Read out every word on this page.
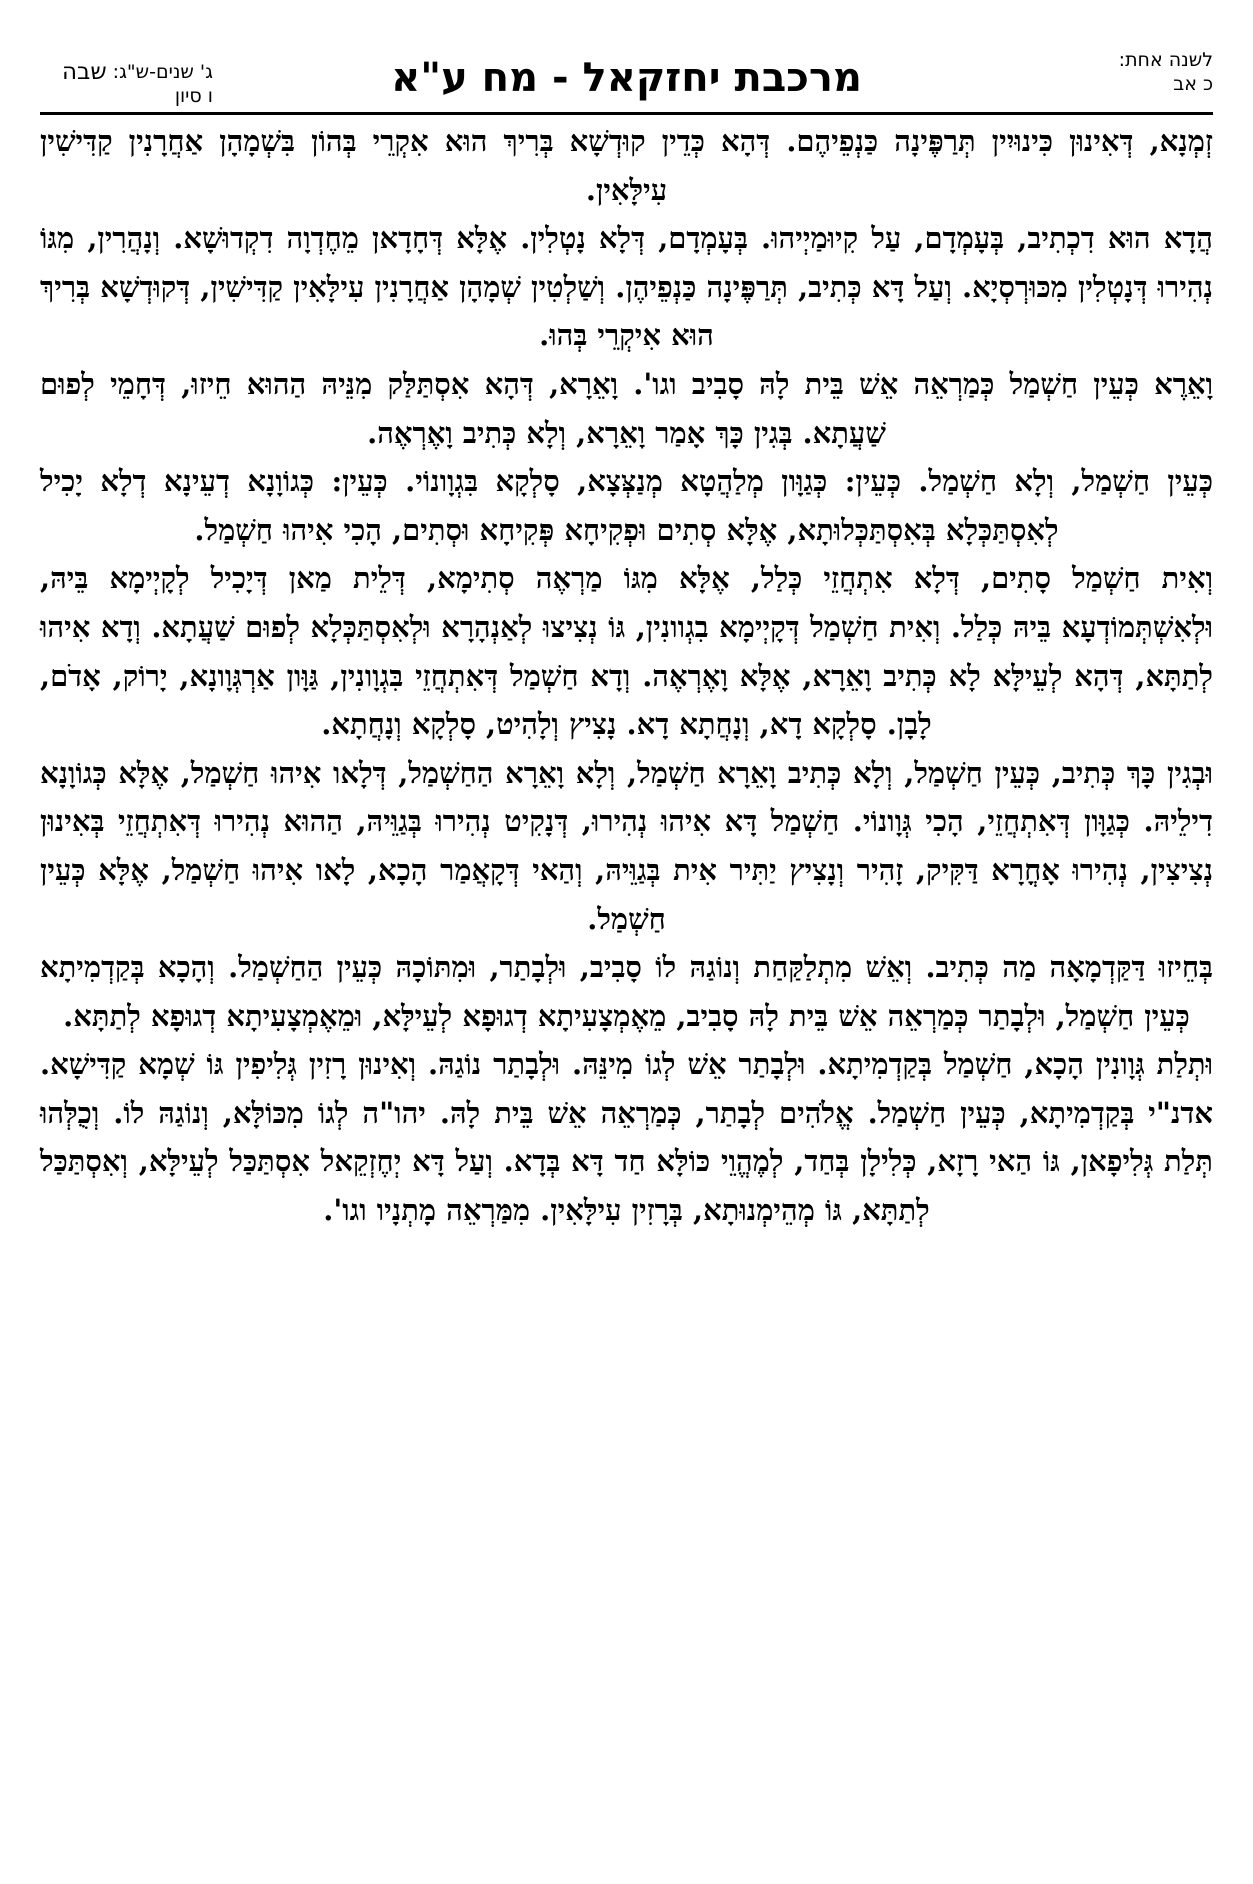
לשנה אחת:
כ אב
מרכבת יחזקאל - מח ע"א
ג' שנים-ש"ג:
ו סיון
שבה

זְמְנָא, דְּאִינוּן כִּינוּיִין תְּרַפֶּינָה כַּנְפֵיהֶם. דְּהָא כְּדֵין קוּדְשָׁא בְּרִיךְ הוּא אִקְרֵי בְּהוֹן בִּשְׁמָהָן אַחֲרָנִין קַדִּישִׁין עִילָּאִין.

הֲדָא הוּא דִכְתִיב, בְּעָמְדָם, עַל קִיוּמַיְיהוּ. בְּעָמְדָם, דְּלָא נָטְלִין. אֶלָּא דְּחָדָאן מֵחֶדְוָה דִקְדוּשָׁא. וְנָהֲרִין, מִגּוֹ נְהִירוּ דְּנָטְלִין מִכּוּרְסְיָא. וְעַל דָּא כְּתִיב, תְּרַפֶּינָה כַּנְפֵיהֶן. וְשַׁלְטִין שְׁמָהָן אַחֲרָנִין עִילָּאִין קַדִּישִׁין, דְּקוּדְשָׁא בְּרִיךְ הוּא אִיקְרֵי בְּהוּ.

וָאֵרֶא כְּעֵין חַשְׁמַל כְּמַרְאֵה אֵשׁ בֵּית לָהּ סָבִיב וגו'. וָאֵרָא, דְּהָא אִסְתַּלַּק מִנֵּיהּ הַהוּא חֵיזוּ, דְּחָמֵי לְפוּם שַׁעֲתָא. בְּגִין כָּךְ אָמַר וָאֵרָא, וְלָא כְּתִיב וָאֶרְאֶה.

כְּעֵין חַשְׁמַל, וְלָא חַשְׁמַל. כְּעֵין: כְּגַוָּון מְלַהֲטָא מְנַצְּצָא, סָלְקָא בִּגְוָונוֹי. כְּעֵין: כְּגוֹוָנָא דְעֵינָא דְלָא יָכִיל לְאִסְתַּכְּלָא בְּאִסְתַּכְּלוּתָא, אֶלָּא סְתִים וּפְקִיחָא פְּקִיחָא וּסְתִים, הָכִי אִיהוּ חַשְׁמַל.

וְאִית חַשְׁמַל סָתִים, דְּלָא אִתְחֲזֵי כְּלַל, אֶלָּא מִגּוֹ מַרְאֶה סְתִימָא, דְּלֵית מַאן דְּיָכִיל לְקָיְימָא בֵּיהּ, וּלְאִשְׁתְּמוֹדְעָא בֵּיהּ כְּלַל. וְאִית חַשְׁמַל דְּקָיְימָא בִגְוונִין, גּוֹ נְצִיצוּ לְאַנְהָרָא וּלְאִסְתַּכְּלָא לְפוּם שַׁעֲתָא. וְדָא אִיהוּ לְתַתָּא, דְּהָא לְעֵילָּא לָא כְּתִיב וָאֵרָא, אֶלָּא וָאֶרְאֶה. וְדָא חַשְׁמַל דְּאִתְחֲזֵי בִּגְוָונִין, גַּוָּון אַרְגְּוָונָא, יָרוֹק, אָדֹם, לָבָן. סָלְקָא דָא, וְנָחֲתָא דָא. נָצִיץ וְלָהִיט, סָלְקָא וְנָחֲתָא.

וּבְגִין כָּךְ כְּתִיב, כְּעֵין חַשְׁמַל, וְלָא כְּתִיב וָאֵרָא חַשְׁמַל, וְלָא וָאֵרָא הַחַשְׁמַל, דְּלָאו אִיהוּ חַשְׁמַל, אֶלָּא כְּגוֹוָנָא דִילֵיהּ. כְּגַוָּון דְּאִתְחֲזֵי, הָכִי גְּוָונוֹי. חַשְׁמַל דָּא אִיהוּ נְהִירוּ, דְּנָקִיט נְהִירוּ בְּגַוֵּיהּ, הַהוּא נְהִירוּ דְּאִתְחֲזֵי בְּאִינוּן נְצִיצִין, נְהִירוּ אָחֳרָא דַּקִּיק, זָהִיר וְנָצִיץ יַתִּיר אִית בְּגַוֵּיהּ, וְהַאי דְּקָאֲמַר הָכָא, לָאו אִיהוּ חַשְׁמַל, אֶלָּא כְּעֵין חַשְׁמַל.

בְּחֵיזוּ דַּקַּדְמָאָה מַה כְּתִיב. וְאֵשׁ מִתְלַקַּחַת וְנוֹגַהּ לוֹ סָבִיב, וּלְבָתַר, וּמִתּוֹכָהּ כְּעֵין הַחַשְׁמַל. וְהָכָא בְּקַדְמִיתָא כְּעֵין חַשְׁמַל, וּלְבָתַר כְּמַרְאֵה אֵשׁ בֵּית לָהּ סָבִיב, מֵאֶמְצָעִיתָא דְגוּפָא לְעֵילָּא, וּמֵאֶמְצָעִיתָא דְגוּפָא לְתַתָּא.

וּתְלַת גְּוָונִין הָכָא, חַשְׁמַל בְּקַדְמִיתָא. וּלְבָתַר אֵשׁ לְגוֹ מִינֵּהּ. וּלְבָתַר נוֹגַהּ. וְאִינוּן רָזִין גְּלִיפִין גּוֹ שְׁמָא קַדִּישָׁא. אדנ"י בְּקַדְמִיתָא, כְּעֵין חַשְׁמַל. אֱלֹהִים לְבָתַר, כְּמַרְאֵה אֵשׁ בֵּית לָהּ. יהו"ה לְגוֹ מִכּוֹלָּא, וְנוֹגַהּ לוֹ. וְכֻלְּהוּ תְּלַת גְּלִיפָאן, גּוֹ הַאי רָזָא, כְּלִילָן בְּחַד, לְמֶהֱוֵי כּוֹלָּא חַד דָּא בְּדָא. וְעַל דָּא יְחֶזְקֵאל אִסְתַּכַּל לְעֵילָּא, וְאִסְתַּכַּל לְתַתָּא, גּוֹ מְהֵימְנוּתָא, בְּרָזִין עִילָּאִין. מִמַּרְאֵה מָתְנָיו וגו'.
